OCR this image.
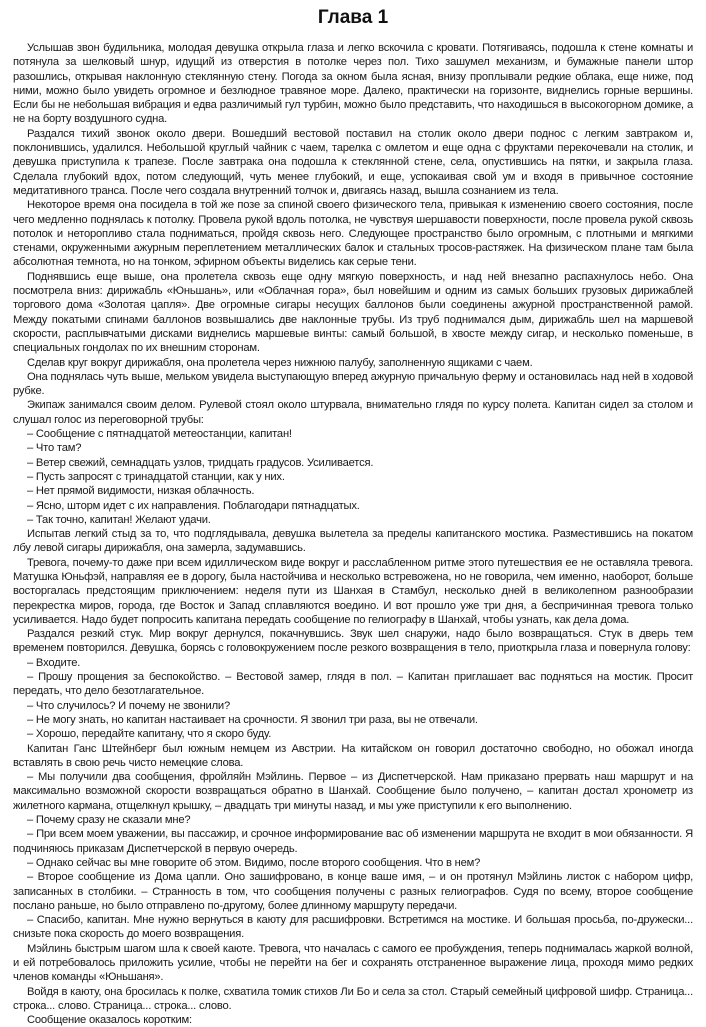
Глава 1

Услышав звон будильника, молодая девушка открыла глаза и легко вскочила с кровати. Потягиваясь, подошла к стене комнаты и потянула за шелковый шнур, идущий из отверстия в потолке через пол. Тихо зашумел механизм, и бумажные панели штор разошлись, открывая наклонную стеклянную стену. Погода за окном была ясная, внизу проплывали редкие облака, еще ниже, под ними, можно было увидеть огромное и безлюдное травяное море. Далеко, практически на горизонте, виднелись горные вершины. Если бы не небольшая вибрация и едва различимый гул турбин, можно было представить, что находишься в высокогорном домике, а не на борту воздушного судна.

Раздался тихий звонок около двери. Вошедший вестовой поставил на столик около двери поднос с легким завтраком и, поклонившись, удалился. Небольшой круглый чайник с чаем, тарелка с омлетом и еще одна с фруктами перекочевали на столик, и девушка приступила к трапезе. После завтрака она подошла к стеклянной стене, села, опустившись на пятки, и закрыла глаза. Сделала глубокий вдох, потом следующий, чуть менее глубокий, и еще, успокаивая свой ум и входя в привычное состояние медитативного транса. После чего создала внутренний толчок и, двигаясь назад, вышла сознанием из тела.

Некоторое время она посидела в той же позе за спиной своего физического тела, привыкая к изменению своего состояния, после чего медленно поднялась к потолку. Провела рукой вдоль потолка, не чувствуя шершавости поверхности, после провела рукой сквозь потолок и неторопливо стала подниматься, пройдя сквозь него. Следующее пространство было огромным, с плотными и мягкими стенами, окруженными ажурным переплетением металлических балок и стальных тросов-растяжек. На физическом плане там была абсолютная темнота, но на тонком, эфирном объекты виделись как серые тени.

Поднявшись еще выше, она пролетела сквозь еще одну мягкую поверхность, и над ней внезапно распахнулось небо. Она посмотрела вниз: дирижабль «Юньшань», или «Облачная гора», был новейшим и одним из самых больших грузовых дирижаблей торгового дома «Золотая цапля». Две огромные сигары несущих баллонов были соединены ажурной пространственной рамой. Между покатыми спинами баллонов возвышались две наклонные трубы. Из труб поднимался дым, дирижабль шел на маршевой скорости, расплывчатыми дисками виднелись маршевые винты: самый большой, в хвосте между сигар, и несколько поменьше, в специальных гондолах по их внешним сторонам.

Сделав круг вокруг дирижабля, она пролетела через нижнюю палубу, заполненную ящиками с чаем.

Она поднялась чуть выше, мельком увидела выступающую вперед ажурную причальную ферму и остановилась над ней в ходовой рубке.

Экипаж занимался своим делом. Рулевой стоял около штурвала, внимательно глядя по курсу полета. Капитан сидел за столом и слушал голос из переговорной трубы:

– Сообщение с пятнадцатой метеостанции, капитан!

– Что там?

– Ветер свежий, семнадцать узлов, тридцать градусов. Усиливается.

– Пусть запросят с тринадцатой станции, как у них.

– Нет прямой видимости, низкая облачность.

– Ясно, шторм идет с их направления. Поблагодари пятнадцатых.

– Так точно, капитан! Желают удачи.

Испытав легкий стыд за то, что подглядывала, девушка вылетела за пределы капитанского мостика. Разместившись на покатом лбу левой сигары дирижабля, она замерла, задумавшись.

Тревога, почему-то даже при всем идиллическом виде вокруг и расслабленном ритме этого путешествия ее не оставляла тревога. Матушка Юньфэй, направляя ее в дорогу, была настойчива и несколько встревожена, но не говорила, чем именно, наоборот, больше восторгалась предстоящим приключением: неделя пути из Шанхая в Стамбул, несколько дней в великолепном разнообразии перекрестка миров, города, где Восток и Запад сплавляются воедино. И вот прошло уже три дня, а беспричинная тревога только усиливается. Надо будет попросить капитана передать сообщение по гелиографу в Шанхай, чтобы узнать, как дела дома.

Раздался резкий стук. Мир вокруг дернулся, покачнувшись. Звук шел снаружи, надо было возвращаться. Стук в дверь тем временем повторился. Девушка, борясь с головокружением после резкого возвращения в тело, приоткрыла глаза и повернула голову:

– Входите.

– Прошу прощения за беспокойство. – Вестовой замер, глядя в пол. – Капитан приглашает вас подняться на мостик. Просит передать, что дело безотлагательное.

– Что случилось? И почему не звонили?

– Не могу знать, но капитан настаивает на срочности. Я звонил три раза, вы не отвечали.

– Хорошо, передайте капитану, что я скоро буду.

Капитан Ганс Штейнберг был южным немцем из Австрии. На китайском он говорил достаточно свободно, но обожал иногда вставлять в свою речь чисто немецкие слова.

– Мы получили два сообщения, фройляйн Мэйлинь. Первое – из Диспетчерской. Нам приказано прервать наш маршрут и на максимально возможной скорости возвращаться обратно в Шанхай. Сообщение было получено, – капитан достал хронометр из жилетного кармана, отщелкнул крышку, – двадцать три минуты назад, и мы уже приступили к его выполнению.

– Почему сразу не сказали мне?

– При всем моем уважении, вы пассажир, и срочное информирование вас об изменении маршрута не входит в мои обязанности. Я подчиняюсь приказам Диспетчерской в первую очередь.

– Однако сейчас вы мне говорите об этом. Видимо, после второго сообщения. Что в нем?

– Второе сообщение из Дома цапли. Оно зашифровано, в конце ваше имя, – и он протянул Мэйлинь листок с набором цифр, записанных в столбики. – Странность в том, что сообщения получены с разных гелиографов. Судя по всему, второе сообщение послано раньше, но было отправлено по-другому, более длинному маршруту передачи.

– Спасибо, капитан. Мне нужно вернуться в каюту для расшифровки. Встретимся на мостике. И большая просьба, по-дружески... снизьте пока скорость до моего возвращения.

Мэйлинь быстрым шагом шла к своей каюте. Тревога, что началась с самого ее пробуждения, теперь поднималась жаркой волной, и ей потребовалось приложить усилие, чтобы не перейти на бег и сохранять отстраненное выражение лица, проходя мимо редких членов команды «Юньшаня».

Войдя в каюту, она бросилась к полке, схватила томик стихов Ли Бо и села за стол. Старый семейный цифровой шифр. Страница... строка... слово. Страница... строка... слово.

Сообщение оказалось коротким:
